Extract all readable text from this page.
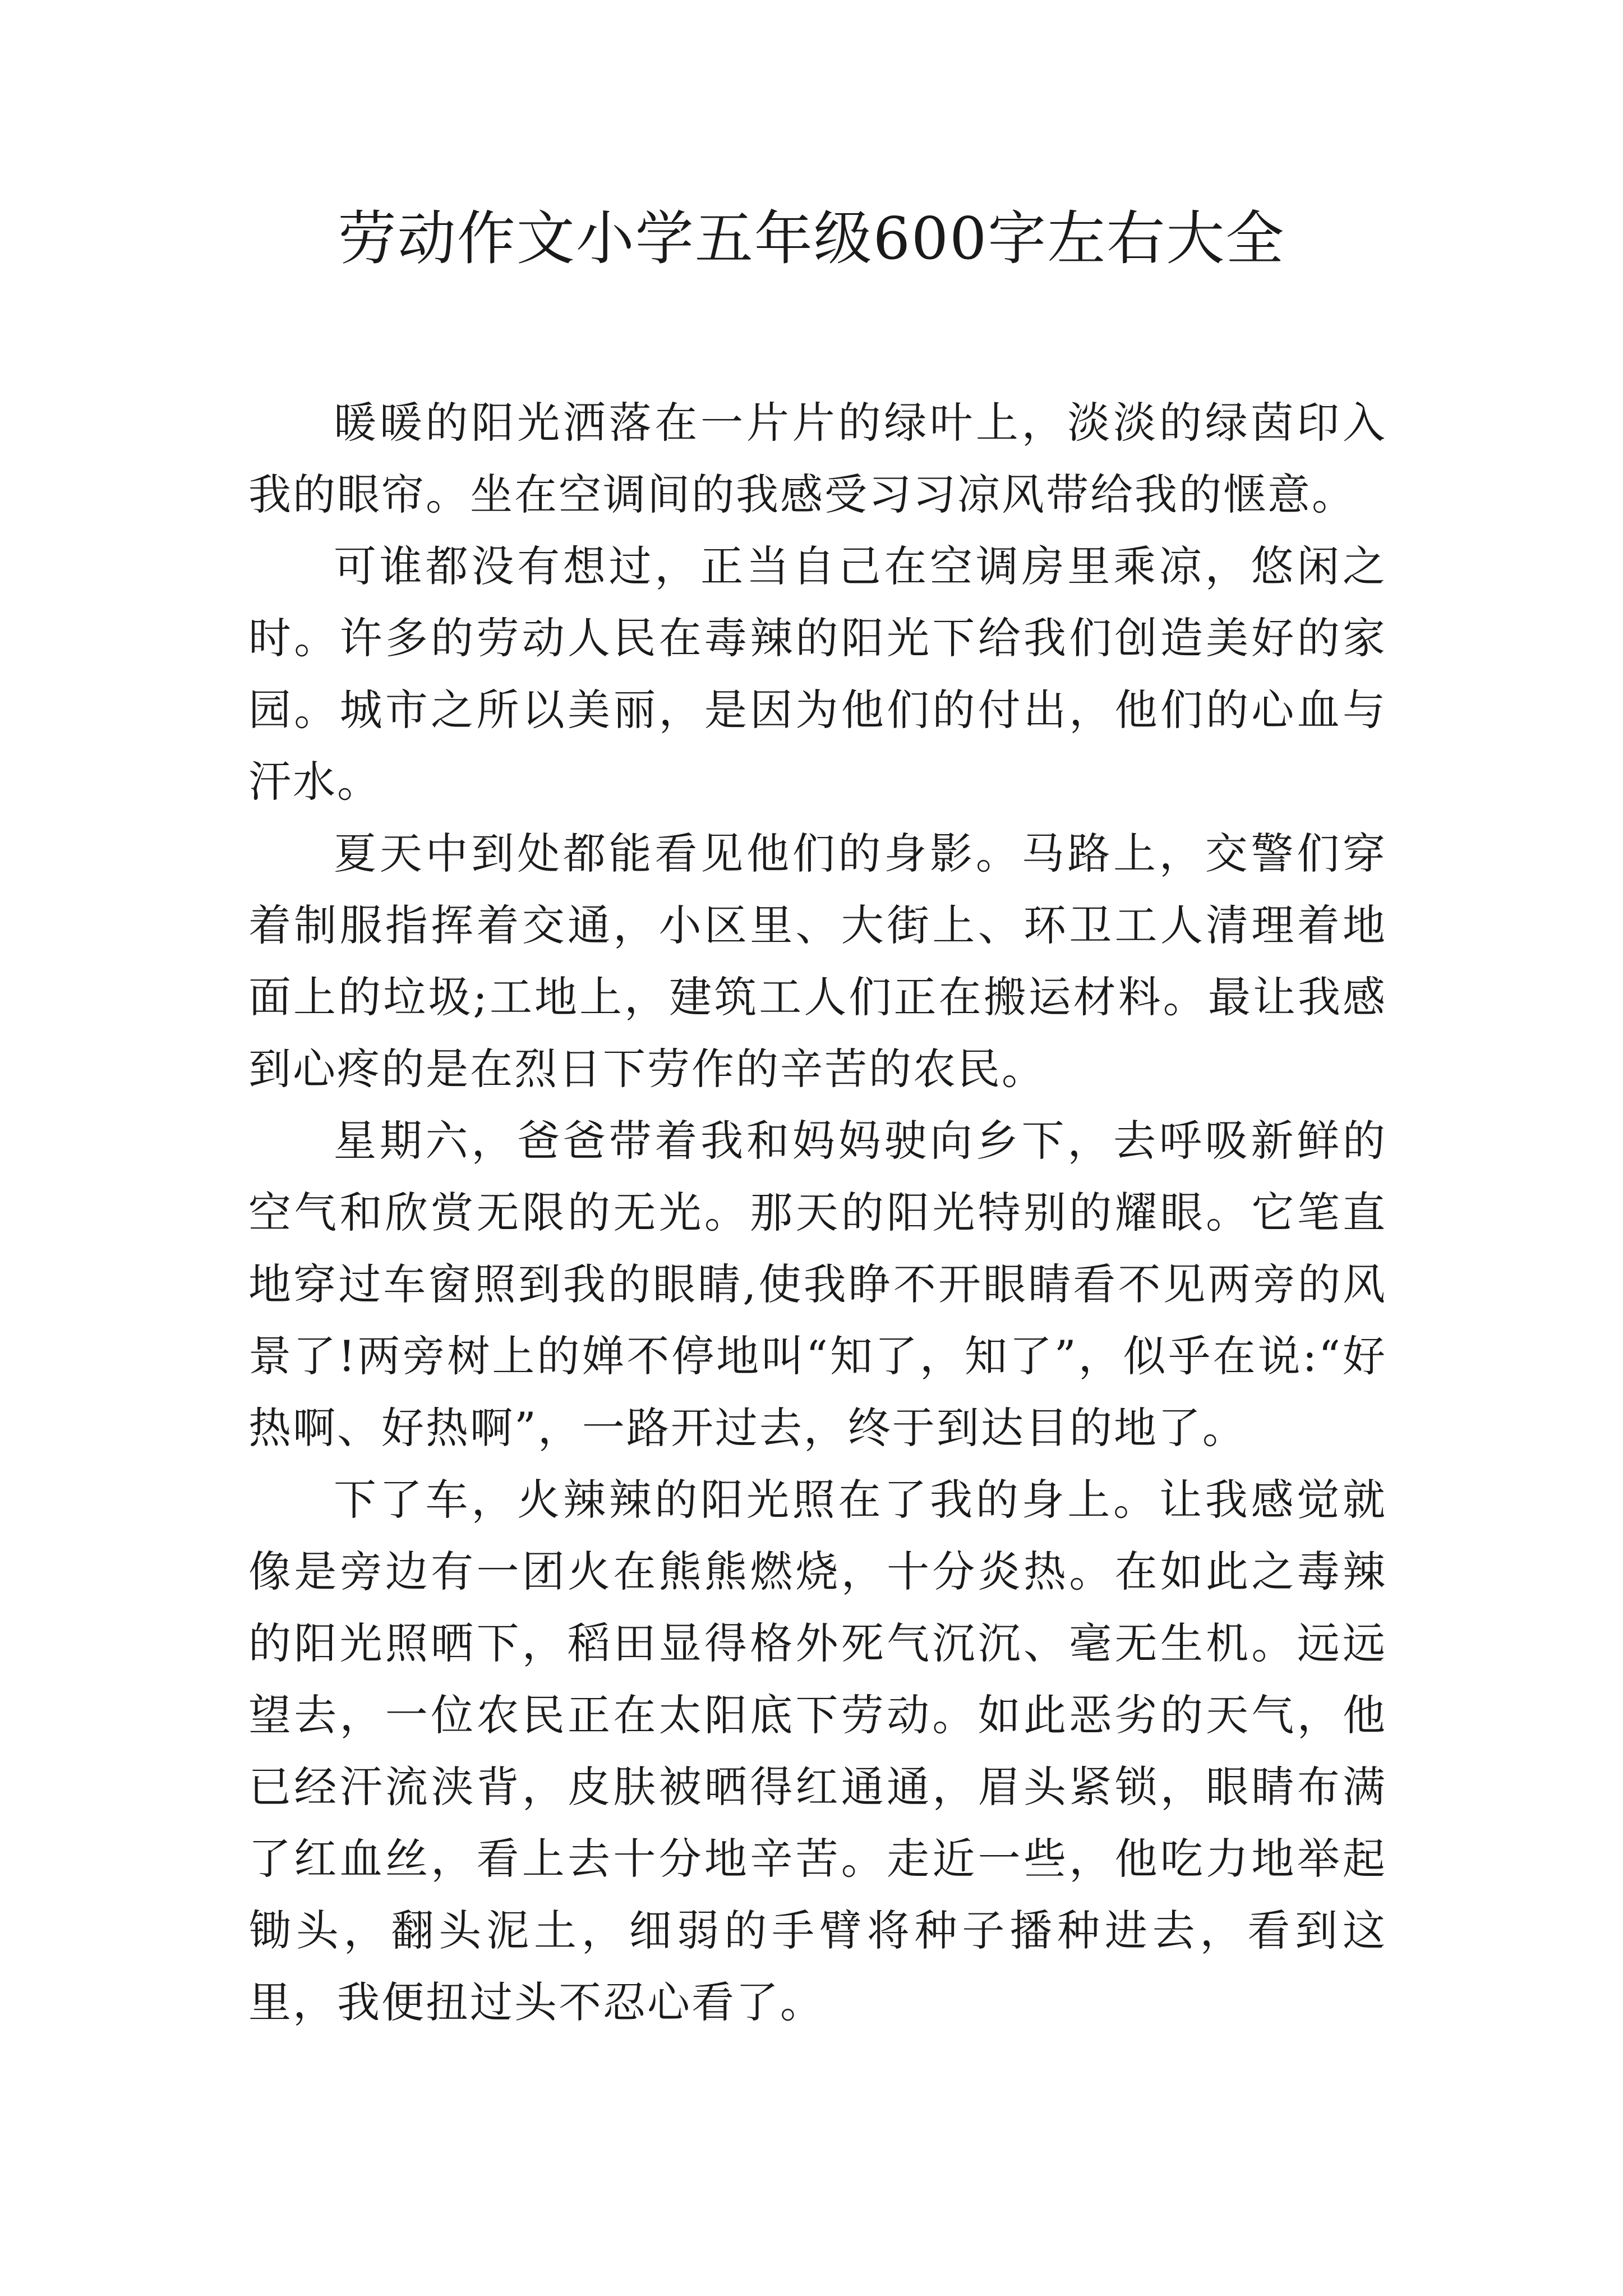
劳动作文小学五年级600字左右大全

暖暖的阳光洒落在一片片的绿叶上，淡淡的绿茵印入我的眼帘。坐在空调间的我感受习习凉风带给我的惬意。

可谁都没有想过，正当自己在空调房里乘凉，悠闲之时。许多的劳动人民在毒辣的阳光下给我们创造美好的家园。城市之所以美丽，是因为他们的付出，他们的心血与汗水。

夏天中到处都能看见他们的身影。马路上，交警们穿着制服指挥着交通，小区里、大街上、环卫工人清理着地面上的垃圾;工地上，建筑工人们正在搬运材料。最让我感到心疼的是在烈日下劳作的辛苦的农民。

星期六，爸爸带着我和妈妈驶向乡下，去呼吸新鲜的空气和欣赏无限的无光。那天的阳光特别的耀眼。它笔直地穿过车窗照到我的眼睛,使我睁不开眼睛看不见两旁的风景了!两旁树上的婵不停地叫“知了，知了”，似乎在说:“好热啊、好热啊”，一路开过去，终于到达目的地了。

下了车，火辣辣的阳光照在了我的身上。让我感觉就像是旁边有一团火在熊熊燃烧，十分炎热。在如此之毒辣的阳光照晒下，稻田显得格外死气沉沉、毫无生机。远远望去，一位农民正在太阳底下劳动。如此恶劣的天气，他已经汗流浃背，皮肤被晒得红通通，眉头紧锁，眼睛布满了红血丝，看上去十分地辛苦。走近一些，他吃力地举起锄头，翻头泥土，细弱的手臂将种子播种进去，看到这里，我便扭过头不忍心看了。
